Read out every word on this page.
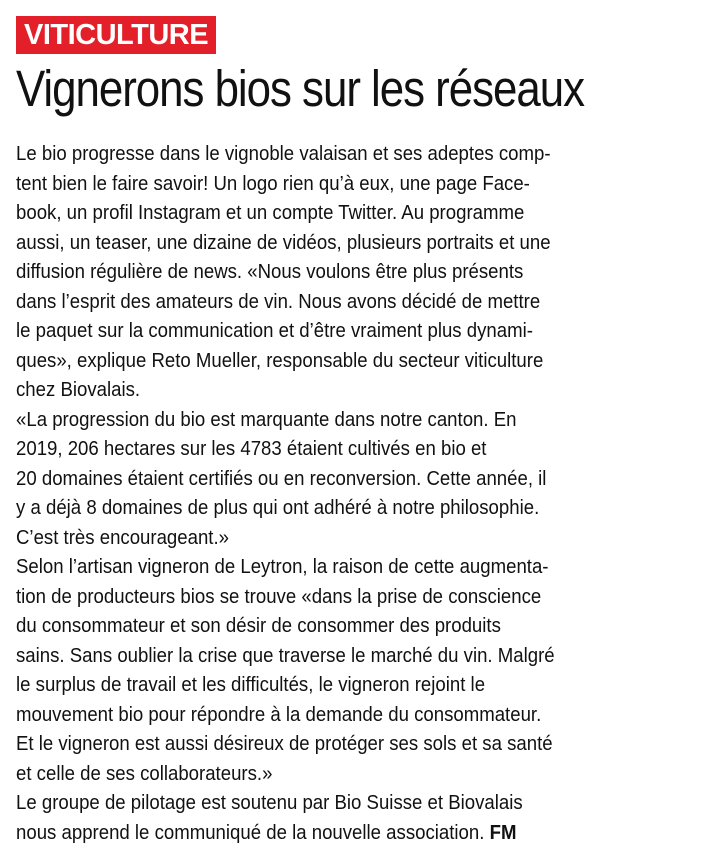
VITICULTURE
Vignerons bios sur les réseaux
Le bio progresse dans le vignoble valaisan et ses adeptes comp-
tent bien le faire savoir! Un logo rien qu’à eux, une page Face-
book, un profil Instagram et un compte Twitter. Au programme
aussi, un teaser, une dizaine de vidéos, plusieurs portraits et une
diffusion régulière de news. «Nous voulons être plus présents
dans l’esprit des amateurs de vin. Nous avons décidé de mettre
le paquet sur la communication et d’être vraiment plus dynami-
ques», explique Reto Mueller, responsable du secteur viticulture
chez Biovalais.
«La progression du bio est marquante dans notre canton. En
2019, 206 hectares sur les 4783 étaient cultivés en bio et
20 domaines étaient certifiés ou en reconversion. Cette année, il
y a déjà 8 domaines de plus qui ont adhéré à notre philosophie.
C’est très encourageant.»
Selon l’artisan vigneron de Leytron, la raison de cette augmenta-
tion de producteurs bios se trouve «dans la prise de conscience
du consommateur et son désir de consommer des produits
sains. Sans oublier la crise que traverse le marché du vin. Malgré
le surplus de travail et les difficultés, le vigneron rejoint le
mouvement bio pour répondre à la demande du consommateur.
Et le vigneron est aussi désireux de protéger ses sols et sa santé
et celle de ses collaborateurs.»
Le groupe de pilotage est soutenu par Bio Suisse et Biovalais
nous apprend le communiqué de la nouvelle association. FM
